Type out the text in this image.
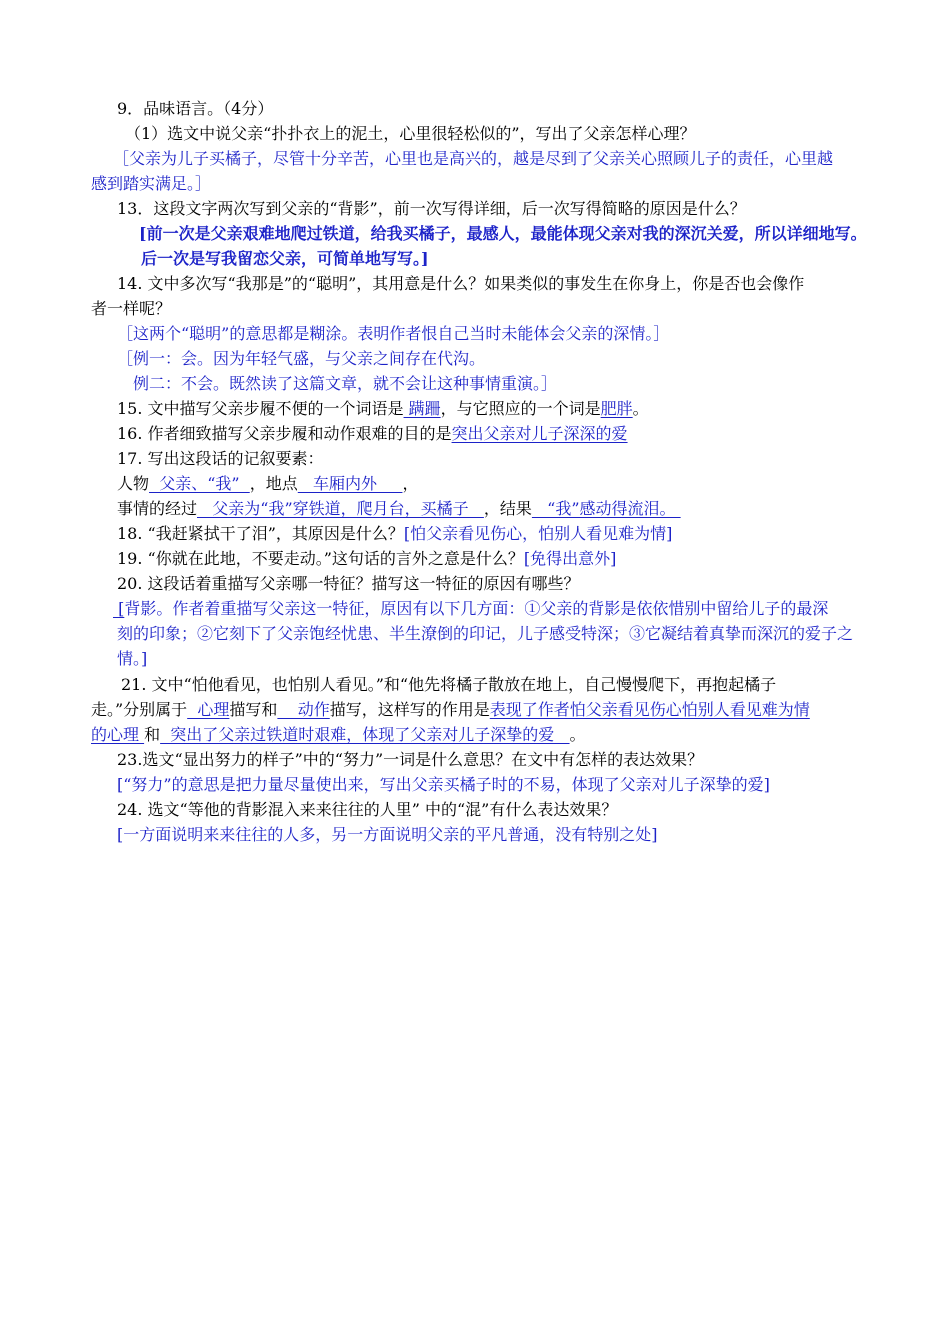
9．品味语言。（4分）
（1）选文中说父亲“扑扑衣上的泥土，心里很轻松似的”，写出了父亲怎样心理？
［父亲为儿子买橘子，尽管十分辛苦，心里也是高兴的，越是尽到了父亲关心照顾儿子的责任，心里越
感到踏实满足。］
13．这段文字两次写到父亲的“背影”，前一次写得详细，后一次写得简略的原因是什么？
[前一次是父亲艰难地爬过铁道，给我买橘子，最感人，最能体现父亲对我的深沉关爱，所以详细地写。
后一次是写我留恋父亲，可简单地写写。]
14. 文中多次写“我那是”的“聪明”，其用意是什么？如果类似的事发生在你身上，你是否也会像作
者一样呢？
［这两个“聪明”的意思都是糊涂。表明作者恨自己当时未能体会父亲的深情。］
［例一：会。因为年轻气盛，与父亲之间存在代沟。
例二：不会。既然读了这篇文章，就不会让这种事情重演。］
15. 文中描写父亲步履不便的一个词语是 蹒跚，与它照应的一个词是肥胖。
16. 作者细致描写父亲步履和动作艰难的目的是突出父亲对儿子深深的爱
17. 写出这段话的记叙要素：
人物  父亲、“我”  ，地点   车厢内外     ，
事情的经过   父亲为“我”穿铁道，爬月台，买橘子   ，结果   “我”感动得流泪。
18. “我赶紧拭干了泪”，其原因是什么？[怕父亲看见伤心，怕别人看见难为情]
19. “你就在此地，不要走动。”这句话的言外之意是什么？[免得出意外]
20. 这段话着重描写父亲哪一特征？描写这一特征的原因有哪些？
[背影。作者着重描写父亲这一特征，原因有以下几方面：①父亲的背影是依依惜别中留给儿子的最深
刻的印象；②它刻下了父亲饱经忧患、半生潦倒的印记，儿子感受特深；③它凝结着真挚而深沉的爱子之
情。]
21. 文中“怕他看见，也怕别人看见。”和“他先将橘子散放在地上，自己慢慢爬下，再抱起橘子
走。”分别属于  心理描写和    动作描写，这样写的作用是表现了作者怕父亲看见伤心怕别人看见难为情
的心理 和  突出了父亲过铁道时艰难，体现了父亲对儿子深挚的爱   。
23.选文“显出努力的样子”中的“努力”一词是什么意思？在文中有怎样的表达效果？
[“努力”的意思是把力量尽量使出来，写出父亲买橘子时的不易，体现了父亲对儿子深挚的爱]
24. 选文“等他的背影混入来来往往的人里” 中的“混”有什么表达效果？
[一方面说明来来往往的人多，另一方面说明父亲的平凡普通，没有特别之处]
